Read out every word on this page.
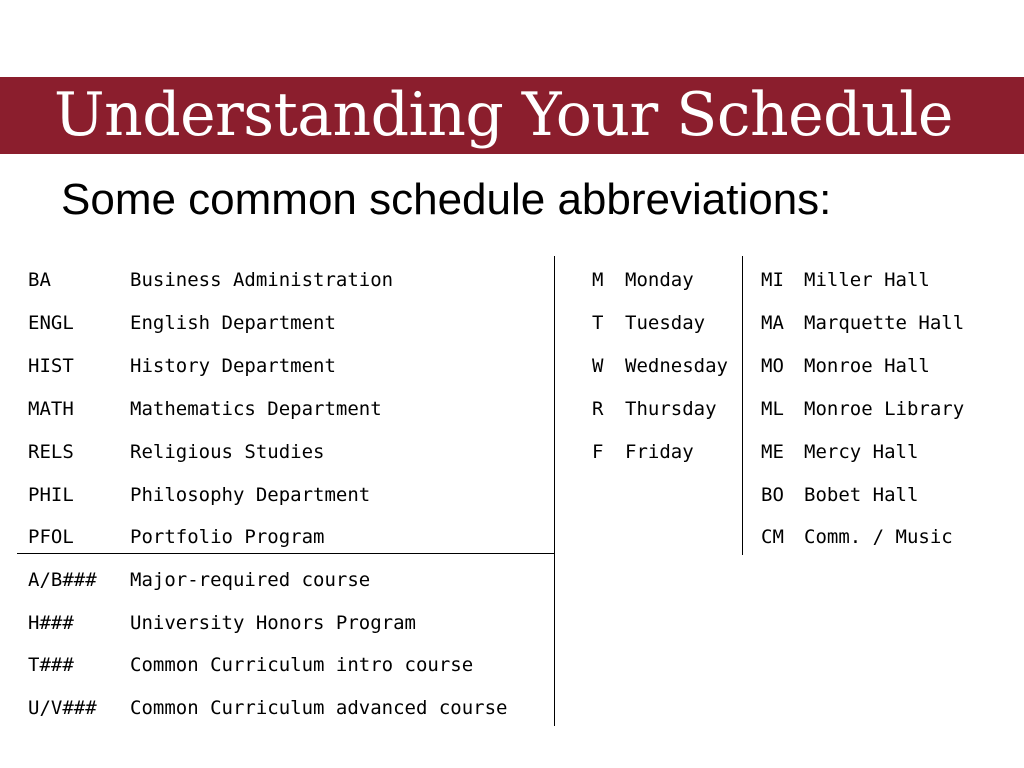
Understanding Your Schedule
Some common schedule abbreviations:
BA	Business Administration
ENGL	English Department
HIST	History Department
MATH	Mathematics Department
RELS	Religious Studies
PHIL	Philosophy Department
PFOL	Portfolio Program
A/B### Major-required course
H###	University Honors Program
T###	Common Curriculum intro course
U/V### Common Curriculum advanced course
M Monday
T Tuesday
W Wednesday
R Thursday
F Friday
MI Miller Hall
MA Marquette Hall
MO Monroe Hall
ML Monroe Library
ME Mercy Hall
BO Bobet Hall
CM Comm. / Music
